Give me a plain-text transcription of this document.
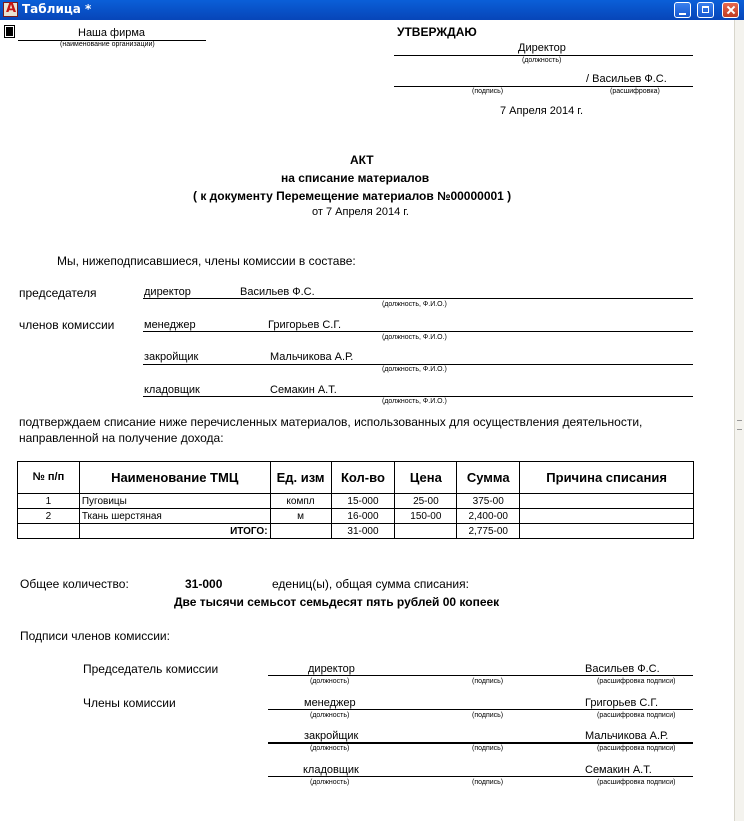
A
Таблица *
Наша фирма
(наименование организации)
УТВЕРЖДАЮ
Директор
(должность)
/ Васильев Ф.С.
(подпись)	(расшифровка)
7 Апреля 2014 г.
АКТ
на списание материалов
( к документу Перемещение материалов №00000001 )
от 7 Апреля 2014 г.
Мы, нижеподписавшиеся, члены комиссии в составе:
председателя	директор	Васильев Ф.С.
(должность, Ф.И.О.)
членов комиссии	менеджер	Григорьев С.Г.
(должность, Ф.И.О.)
закройщик	Мальчикова А.Р.
(должность, Ф.И.О.)
кладовщик	Семакин А.Т.
(должность, Ф.И.О.)
подтверждаем списание ниже перечисленных материалов, использованных для осуществления деятельности,
направленной на получение дохода:
№ п/п	Наименование ТМЦ	Ед. изм	Кол-во	Цена	Сумма	Причина списания
1	Пуговицы	компл	15-000	25-00	375-00	
2	Ткань шерстяная	м	16-000	150-00	2,400-00	
	ИТОГО:		31-000		2,775-00	
Общее количество:	31-000	едениц(ы), общая сумма списания:
Две тысячи семьсот семьдесят пять рублей 00 копеек
Подписи членов комиссии:
Председатель комиссии
Члены комиссии
директор	Васильев Ф.С.
(должность)	(подпись)	(расшифровка подписи)
менеджер	Григорьев С.Г.
(должность)	(подпись)	(расшифровка подписи)
закройщик	Мальчикова А.Р.
(должность)	(подпись)	(расшифровка подписи)
кладовщик	Семакин А.Т.
(должность)	(подпись)	(расшифровка подписи)
